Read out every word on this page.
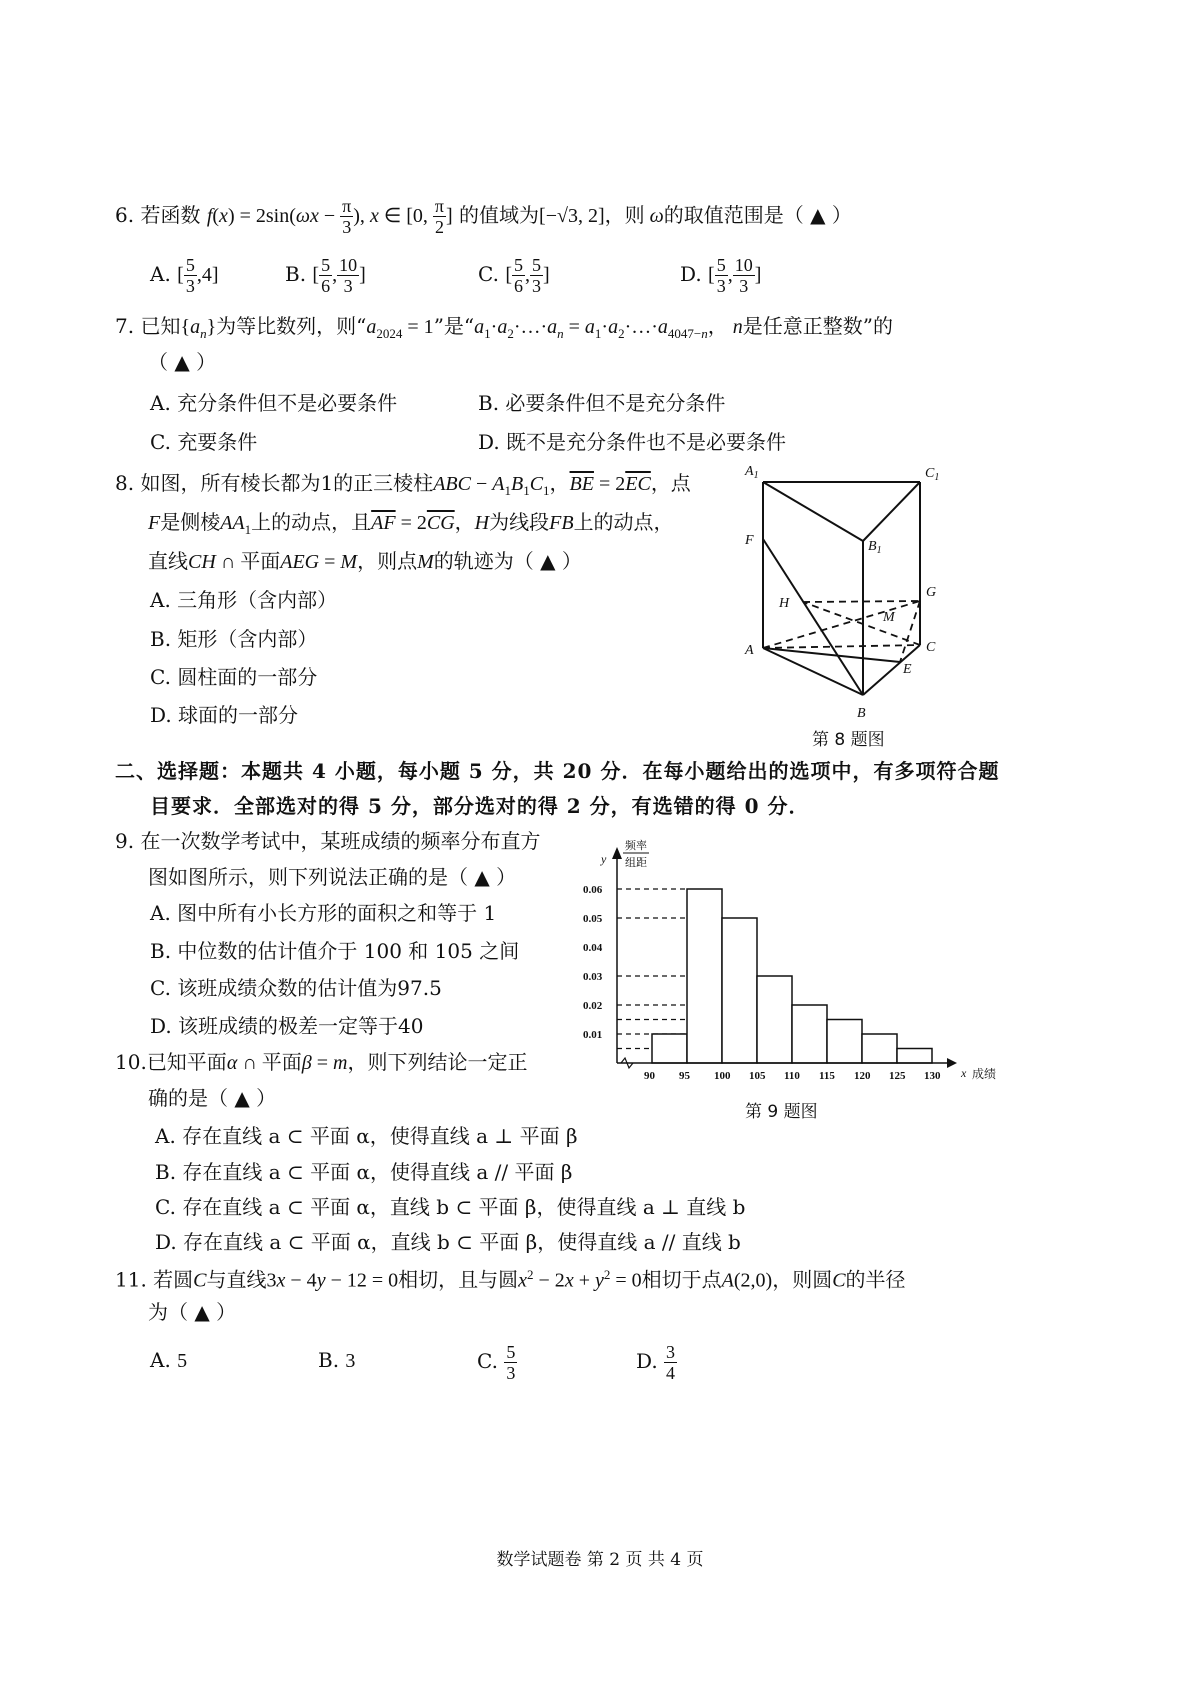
6. 若函数 $f(x) = 2\sin(\omega x - \frac{\pi}{3}$ ), x ∈ [0, $\frac{\pi}{2}$ ] 的值域为[−√3, 2]，则 ω的取值范围是（ ▲ ）
A. [ $\frac{5}{3} ,4$]	B. [ $\frac{5}{6}$ , $\frac{10}{3}$ ]	C. [ $\frac{5}{6}$ , $\frac{5}{3}$ ]	D. [ $\frac{5}{3}$ , $\frac{10}{3}$ ]
7. 已知$\{a_n\}$为等比数列，则“$a_{2024} = 1$”是“$a_1\cdot a_2\cdot\dots\cdot a_n$ = $a_1\cdot a_2\cdot\dots\cdot a_{4047-n}$， n是任意正整数”的
（ ▲ ）
A. 充分条件但不是必要条件	B. 必要条件但不是充分条件
C. 充要条件	D. 既不是充分条件也不是必要条件
8. 如图，所有棱长都为1的正三棱柱ABC − $A_1B_1C_1$，$\overline{BE} = 2\overline{EC}$，点
F是侧棱$AA_1$上的动点，且$\overline{AF} = 2\overline{CG}$，H为线段FB上的动点，
直线CH ∩ 平面AEG = M，则点M的轨迹为（ ▲ ）
A. 三角形（含内部）
B. 矩形（含内部）
C. 圆柱面的一部分
D. 球面的一部分
$A_1$	$C_1$
$B_1$
F
H
G
M
A	C
E
B
第 8 题图
二、选择题：本题共 4 小题，每小题 5 分，共 20 分．在每小题给出的选项中，有多项符合题
目要求．全部选对的得 5 分，部分选对的得 2 分，有选错的得 0 分．
9. 在一次数学考试中，某班成绩的频率分布直方
图如图所示，则下列说法正确的是（ ▲ ）
A. 图中所有小长方形的面积之和等于 1
B. 中位数的估计值介于 100 和 105 之间
C. 该班成绩众数的估计值为97.5
D. 该班成绩的极差一定等于40	0.01
0.02
0.03
0.04
0.05
0.06
90 95 100 105 110 115 120 125 130
y
x 成绩
频率
组距
第 9 题图
10.已知平面α ∩ 平面β = m，则下列结论一定正
确的是（ ▲ ）
A. 存在直线 a ⊂ 平面 α，使得直线 a ⊥ 平面 β
B. 存在直线 a ⊂ 平面 α，使得直线 a // 平面 β
C. 存在直线 a ⊂ 平面 α，直线 b ⊂ 平面 β，使得直线 a ⊥ 直线 b
D. 存在直线 a ⊂ 平面 α，直线 b ⊂ 平面 β，使得直线 a // 直线 b
11. 若圆C与直线3x − 4y − 12 = 0相切，且与圆$x^2 - 2x + y^2 = 0$相切于点A(2,0)，则圆C的半径
为（ ▲ ）
A. 5	B. 3	C. $\frac{5}{3}$	D. $\frac{3}{4}$
数学试题卷 第 2 页 共 4 页
